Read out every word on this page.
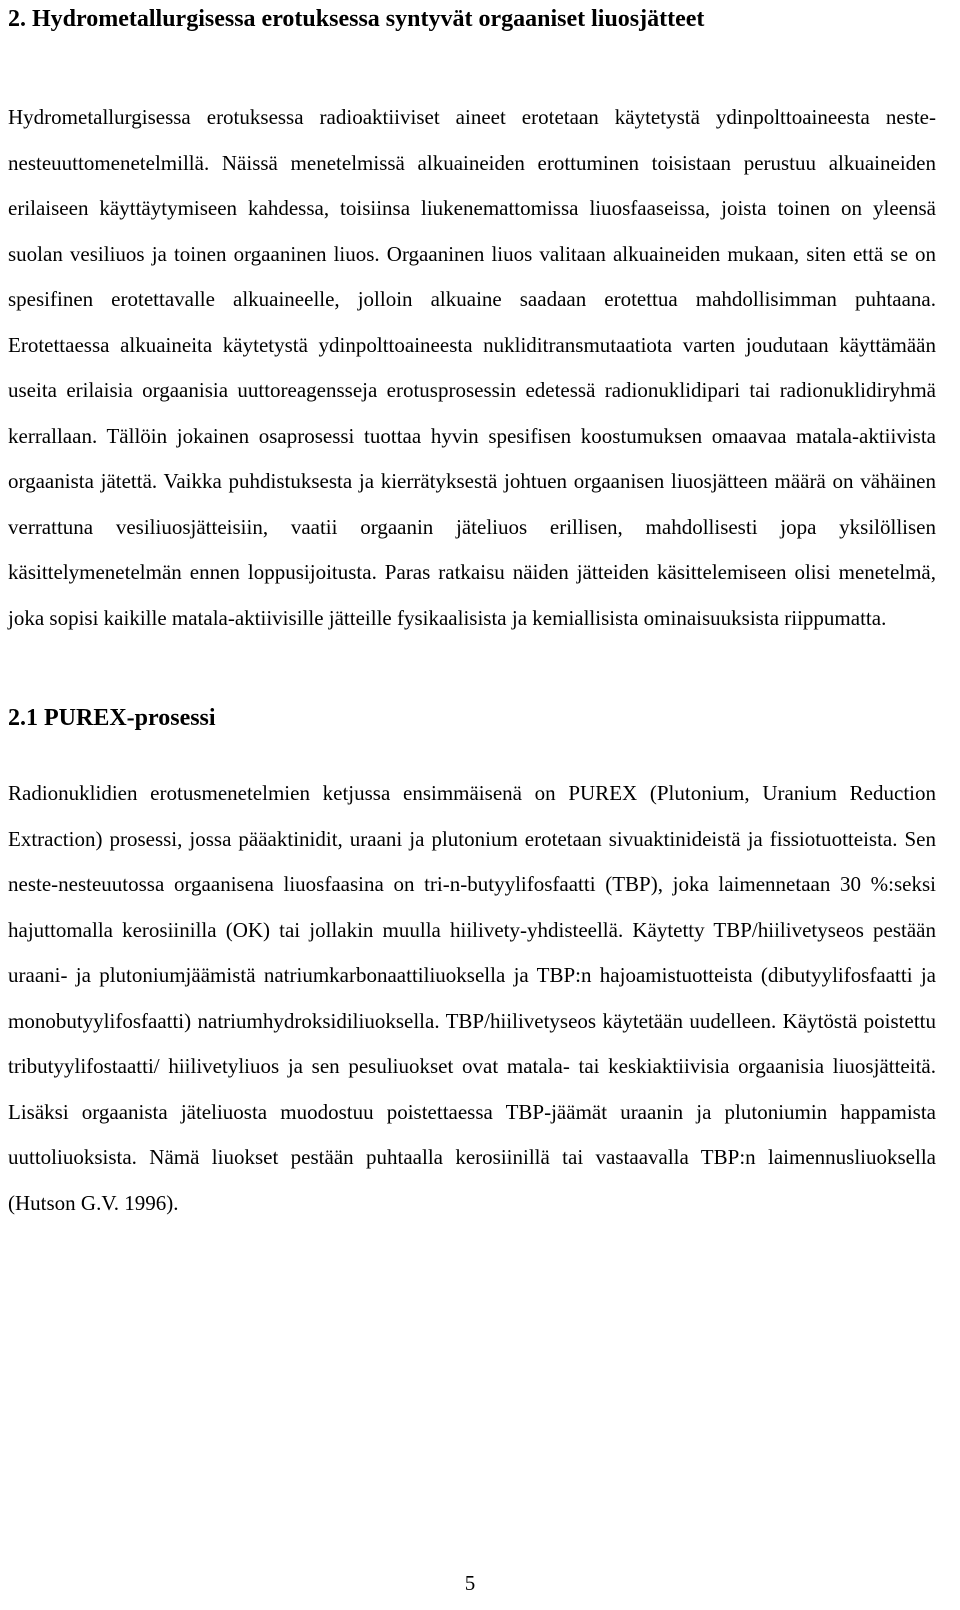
2. Hydrometallurgisessa erotuksessa syntyvät orgaaniset liuosjätteet

Hydrometallurgisessa erotuksessa radioaktiiviset aineet erotetaan käytetystä ydinpolttoaineesta neste-nesteuuttomenetelmillä. Näissä menetelmissä alkuaineiden erottuminen toisistaan perustuu alkuaineiden erilaiseen käyttäytymiseen kahdessa, toisiinsa liukenemattomissa liuosfaaseissa, joista toinen on yleensä suolan vesiliuos ja toinen orgaaninen liuos. Orgaaninen liuos valitaan alkuaineiden mukaan, siten että se on spesifinen erotettavalle alkuaineelle, jolloin alkuaine saadaan erotettua mahdollisimman puhtaana. Erotettaessa alkuaineita käytetystä ydinpolttoaineesta nukliditransmutaatiota varten joudutaan käyttämään useita erilaisia orgaanisia uuttoreagensseja erotusprosessin edetessä radionuklidipari tai radionuklidiryhmä kerrallaan. Tällöin jokainen osaprosessi tuottaa hyvin spesifisen koostumuksen omaavaa matala-aktiivista orgaanista jätettä. Vaikka puhdistuksesta ja kierrätyksestä johtuen orgaanisen liuosjätteen määrä on vähäinen verrattuna vesiliuosjätteisiin, vaatii orgaanin jäteliuos erillisen, mahdollisesti jopa yksilöllisen käsittelymenetelmän ennen loppusijoitusta. Paras ratkaisu näiden jätteiden käsittelemiseen olisi menetelmä, joka sopisi kaikille matala-aktiivisille jätteille fysikaalisista ja kemiallisista ominaisuuksista riippumatta.

2.1 PUREX-prosessi

Radionuklidien erotusmenetelmien ketjussa ensimmäisenä on PUREX (Plutonium, Uranium Reduction Extraction) prosessi, jossa pääaktinidit, uraani ja plutonium erotetaan sivuaktinideistä ja fissiotuotteista. Sen neste-nesteuutossa orgaanisena liuosfaasina on tri-n-butyylifosfaatti (TBP), joka laimennetaan 30 %:seksi hajuttomalla kerosiinilla (OK) tai jollakin muulla hiilivety-yhdisteellä. Käytetty TBP/hiilivetyseos pestään uraani- ja plutoniumjäämistä natriumkarbonaattiliuoksella ja TBP:n hajoamistuotteista (dibutyylifosfaatti ja monobutyylifosfaatti) natriumhydroksidiliuoksella. TBP/hiilivetyseos käytetään uudelleen. Käytöstä poistettu tributyylifostaatti/ hiilivetyliuos ja sen pesuliuokset ovat matala- tai keskiaktiivisia orgaanisia liuosjätteitä. Lisäksi orgaanista jäteliuosta muodostuu poistettaessa TBP-jäämät uraanin ja plutoniumin happamista uuttoliuoksista. Nämä liuokset pestään puhtaalla kerosiinillä tai vastaavalla TBP:n laimennusliuoksella (Hutson G.V. 1996).

5
